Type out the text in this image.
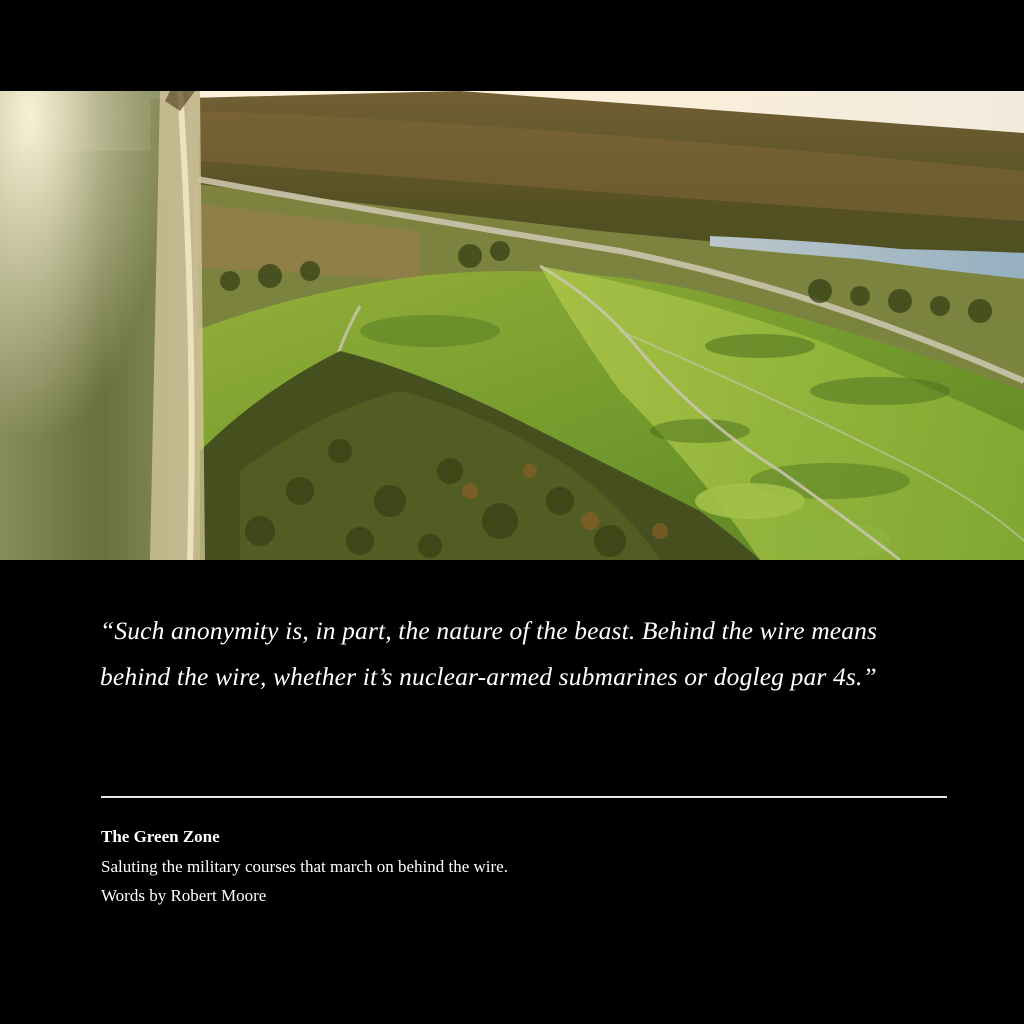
“Such anonymity is, in part, the nature of the beast. Behind the wire means behind the wire, whether it’s nuclear-armed submarines or dogleg par 4s.”

The Green Zone
Saluting the military courses that march on behind the wire.
Words by Robert Moore
